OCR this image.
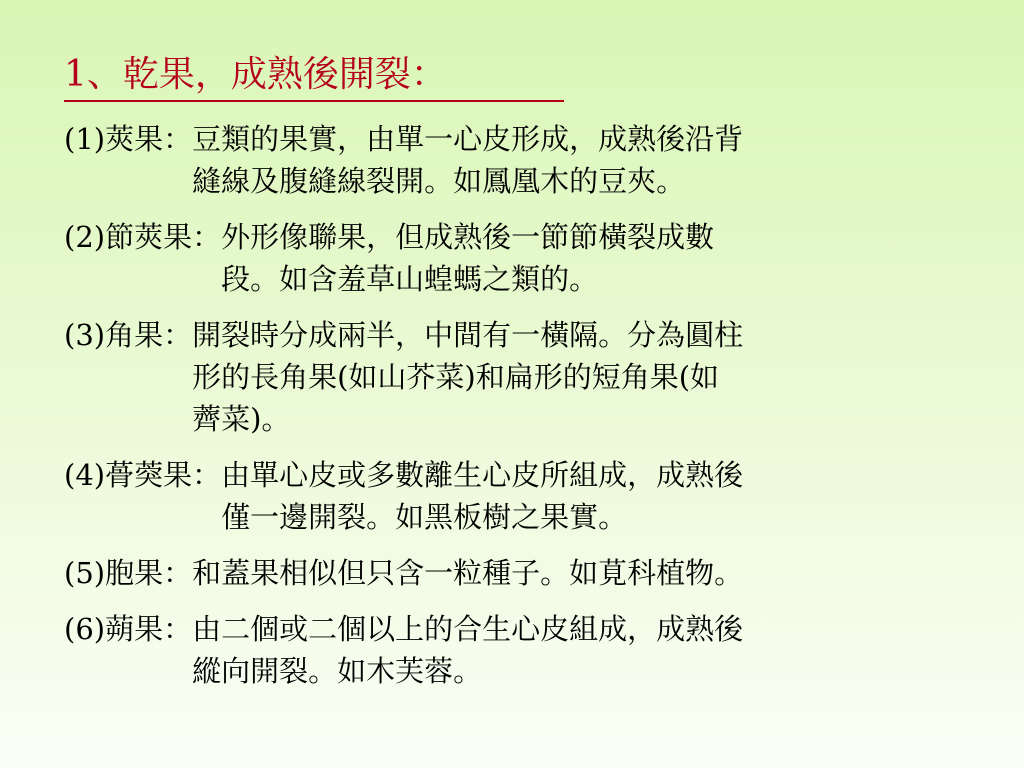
1、乾果，成熟後開裂：
(1)莢果： 豆類的果實，由單一心皮形成，成熟後沿背
縫線及腹縫線裂開。如鳳凰木的豆夾。
(2)節莢果： 外形像聯果，但成熟後一節節橫裂成數
段。如含羞草山蝗螞之類的。
(3)角果： 開裂時分成兩半，中間有一橫隔。分為圓柱
形的長角果(如山芥菜)和扁形的短角果(如
薺菜)。
(4)蓇葖果： 由單心皮或多數離生心皮所組成，成熟後
僅一邊開裂。如黑板樹之果實。
(5)胞果： 和蓋果相似但只含一粒種子。如莧科植物。
(6)蒴果： 由二個或二個以上的合生心皮組成，成熟後
縱向開裂。如木芙蓉。
